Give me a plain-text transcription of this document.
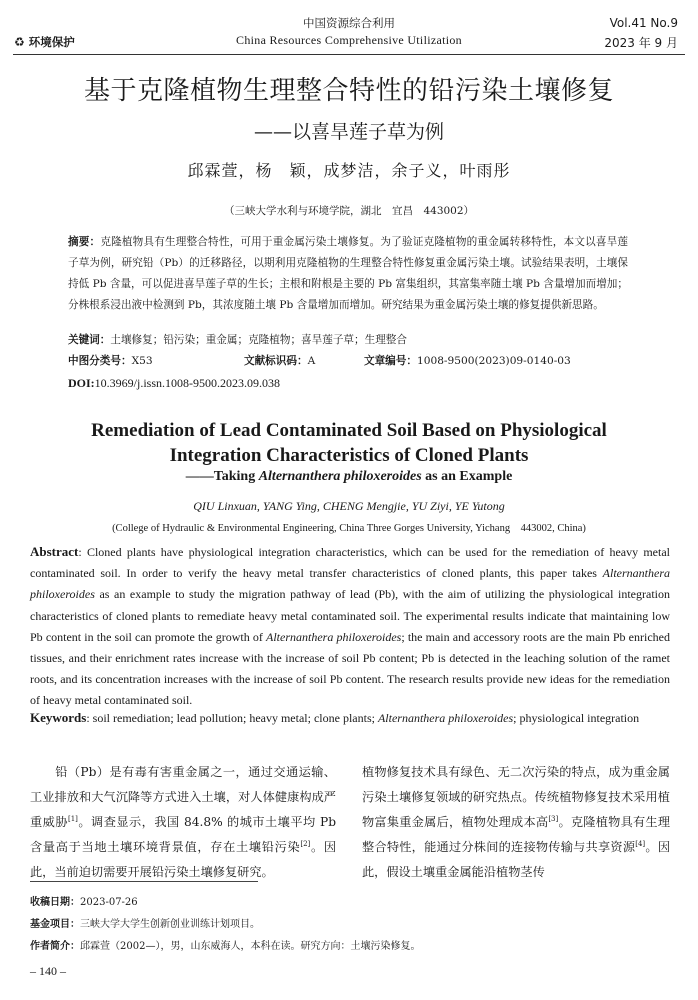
♻ 环境保护
中国资源综合利用
China Resources Comprehensive Utilization
Vol.41 No.9
2023 年 9 月
基于克隆植物生理整合特性的铅污染土壤修复
——以喜旱莲子草为例
邱霖萱，杨　颖，成梦洁，余子义，叶雨彤
（三峡大学水利与环境学院，湖北　宜昌　443002）
摘要：克隆植物具有生理整合特性，可用于重金属污染土壤修复。为了验证克隆植物的重金属转移特性，本文以喜旱莲子草为例，研究铅（Pb）的迁移路径，以期利用克隆植物的生理整合特性修复重金属污染土壤。试验结果表明，土壤保持低 Pb 含量，可以促进喜旱莲子草的生长；主根和附根是主要的 Pb 富集组织，其富集率随土壤 Pb 含量增加而增加；分株根系浸出液中检测到 Pb，其浓度随土壤 Pb 含量增加而增加。研究结果为重金属污染土壤的修复提供新思路。
关键词：土壤修复；铅污染；重金属；克隆植物；喜旱莲子草；生理整合
中图分类号：X53	文献标识码：A	文章编号：1008-9500(2023)09-0140-03
DOI:10.3969/j.issn.1008-9500.2023.09.038
Remediation of Lead Contaminated Soil Based on Physiological
Integration Characteristics of Cloned Plants
——Taking Alternanthera philoxeroides as an Example
QIU Linxuan, YANG Ying, CHENG Mengjie, YU Ziyi, YE Yutong
(College of Hydraulic & Environmental Engineering, China Three Gorges University, Yichang　443002, China)
Abstract: Cloned plants have physiological integration characteristics, which can be used for the remediation of heavy metal contaminated soil. In order to verify the heavy metal transfer characteristics of cloned plants, this paper takes Alternanthera philoxeroides as an example to study the migration pathway of lead (Pb), with the aim of utilizing the physiological integration characteristics of cloned plants to remediate heavy metal contaminated soil. The experimental results indicate that maintaining low Pb content in the soil can promote the growth of Alternanthera philoxeroides; the main and accessory roots are the main Pb enriched tissues, and their enrichment rates increase with the increase of soil Pb content; Pb is detected in the leaching solution of the ramet roots, and its concentration increases with the increase of soil Pb content. The research results provide new ideas for the remediation of heavy metal contaminated soil.
Keywords: soil remediation; lead pollution; heavy metal; clone plants; Alternanthera philoxeroides; physiological integration
　　铅（Pb）是有毒有害重金属之一，通过交通运输、工业排放和大气沉降等方式进入土壤，对人体健康构成严重威胁[1]。调查显示，我国 84.8% 的城市土壤平均 Pb 含量高于当地土壤环境背景值，存在土壤铅污染[2]。因此，当前迫切需要开展铅污染土壤修复研究。
植物修复技术具有绿色、无二次污染的特点，成为重金属污染土壤修复领域的研究热点。传统植物修复技术采用植物富集重金属后，植物处理成本高[3]。克隆植物具有生理整合特性，能通过分株间的连接物传输与共享资源[4]。因此，假设土壤重金属能沿植物茎传
收稿日期：2023-07-26
基金项目：三峡大学大学生创新创业训练计划项目。
作者简介：邱霖萱（2002—），男，山东威海人，本科在读。研究方向：土壤污染修复。
– 140 –
